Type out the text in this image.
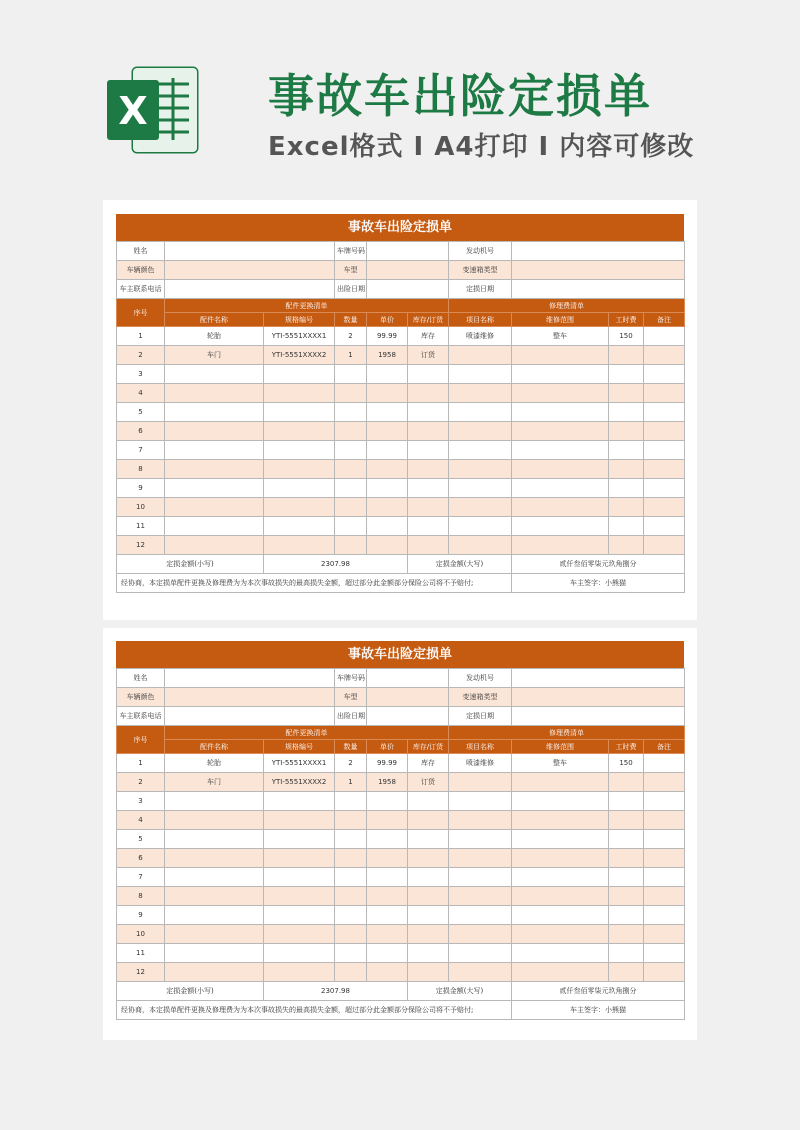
X	事故车出险定损单
Excel格式 I A4打印 I 内容可修改
事故车出险定损单
姓名			车牌号码			发动机号			
车辆颜色			车型			变速箱类型			
车主联系电话			出险日期			定损日期			
序号	配件更换清单					修理费清单			
	配件名称	规格编号	数量	单价	库存/订货	项目名称	维修范围	工时费	备注
1	轮胎	YTI-5551XXXX1	2	99.99	库存	喷漆维修	整车	150	
2	车门	YTI-5551XXXX2	1	1958	订货				
3									
4									
5									
6									
7									
8									
9									
10									
11									
12									
定损金额(小写)		2307.98			定损金额(大写)		贰仟叁佰零柒元玖角捌分		
经协商，本定损单配件更换及修理费为为本次事故损失的最高损失金额，超过部分此金额部分保险公司将不予赔付;							车主签字：小熊猫		
事故车出险定损单
姓名			车牌号码			发动机号			
车辆颜色			车型			变速箱类型			
车主联系电话			出险日期			定损日期			
序号	配件更换清单					修理费清单			
	配件名称	规格编号	数量	单价	库存/订货	项目名称	维修范围	工时费	备注
1	轮胎	YTI-5551XXXX1	2	99.99	库存	喷漆维修	整车	150	
2	车门	YTI-5551XXXX2	1	1958	订货				
3									
4									
5									
6									
7									
8									
9									
10									
11									
12									
定损金额(小写)		2307.98			定损金额(大写)		贰仟叁佰零柒元玖角捌分		
经协商，本定损单配件更换及修理费为为本次事故损失的最高损失金额，超过部分此金额部分保险公司将不予赔付;							车主签字：小熊猫		
